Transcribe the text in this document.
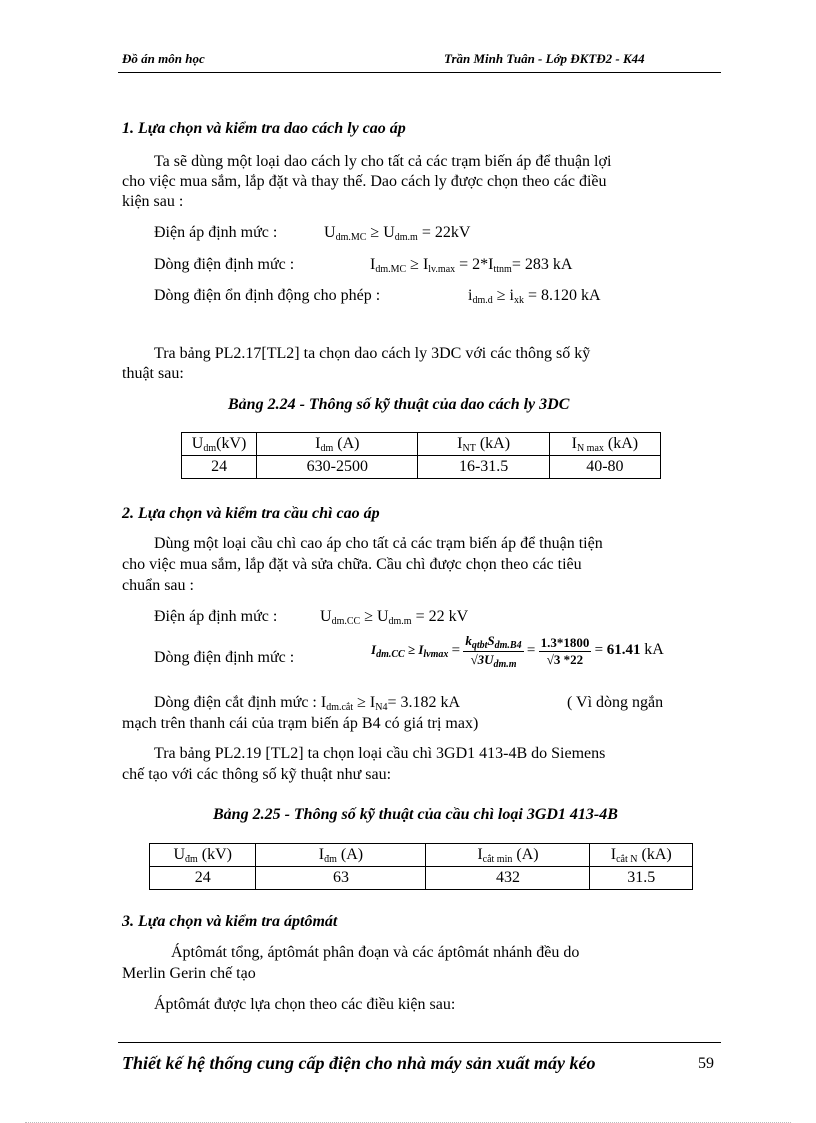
Đồ án môn học	Trần Minh Tuân - Lớp ĐKTĐ2 - K44
1. Lựa chọn và kiểm tra dao cách ly cao áp
Ta sẽ dùng một loại dao cách ly cho tất cả các trạm biến áp để thuận lợi
cho việc mua sắm, lắp đặt và thay thế. Dao cách ly được chọn theo các điều
kiện sau :
Điện áp định mức :	$U_{dm.MC} \ge U_{dm.m} = 22kV$
Dòng điện định mức :	$I_{dm.MC} \ge I_{lv.max} = 2*I_{ttnm}= 283$ kA
Dòng điện ổn định động cho phép :	$i_{dm.d} \ge i_{xk} = 8.120$ kA
Tra bảng PL2.17[TL2] ta chọn dao cách ly 3DC với các thông số kỹ
thuật sau:
Bảng 2.24 - Thông số kỹ thuật của dao cách ly 3DC
$U_{dm}(kV)$	$I_{dm}$ (A)	$I_{NT}$ (kA)	$I_{N max}$ (kA)
24	630-2500	16-31.5	40-80
2. Lựa chọn và kiểm tra cầu chì cao áp
Dùng một loại cầu chì cao áp cho tất cả các trạm biến áp để thuận tiện
cho việc mua sắm, lắp đặt và sửa chữa. Cầu chì được chọn theo các tiêu
chuẩn sau :
Điện áp định mức :	$U_{dm.CC} \ge U_{dm.m} = 22$ kV
Dòng điện định mức :	$I_{dm.CC} \ge I_{lvmax} = \frac{k_{qtbt}S_{dm.B4}}{√3U_{dm.m}} = \frac{1.3*1800}{√3 *22} = 61.41$ kA
Dòng điện cắt định mức : $I_{dm.cắt} \ge I_{N4}= 3.182$ kA	( Vì dòng ngắn
mạch trên thanh cái của trạm biến áp B4 có giá trị max)
Tra bảng PL2.19 [TL2] ta chọn loại cầu chì 3GD1 413-4B do Siemens
chế tạo với các thông số kỹ thuật như sau:
Bảng 2.25 - Thông số kỹ thuật của cầu chì loại 3GD1 413-4B
$U_{đm}$ (kV)	$I_{đm}$ (A)	$I_{cắt min}$ (A)	$I_{cắt N}$ (kA)
24	63	432	31.5
3. Lựa chọn và kiểm tra áptômát
Áptômát tổng, áptômát phân đoạn và các áptômát nhánh đều do
Merlin Gerin chế tạo
Áptômát được lựa chọn theo các điều kiện sau:
Thiết kế hệ thống cung cấp điện cho nhà máy sản xuất máy kéo	59
